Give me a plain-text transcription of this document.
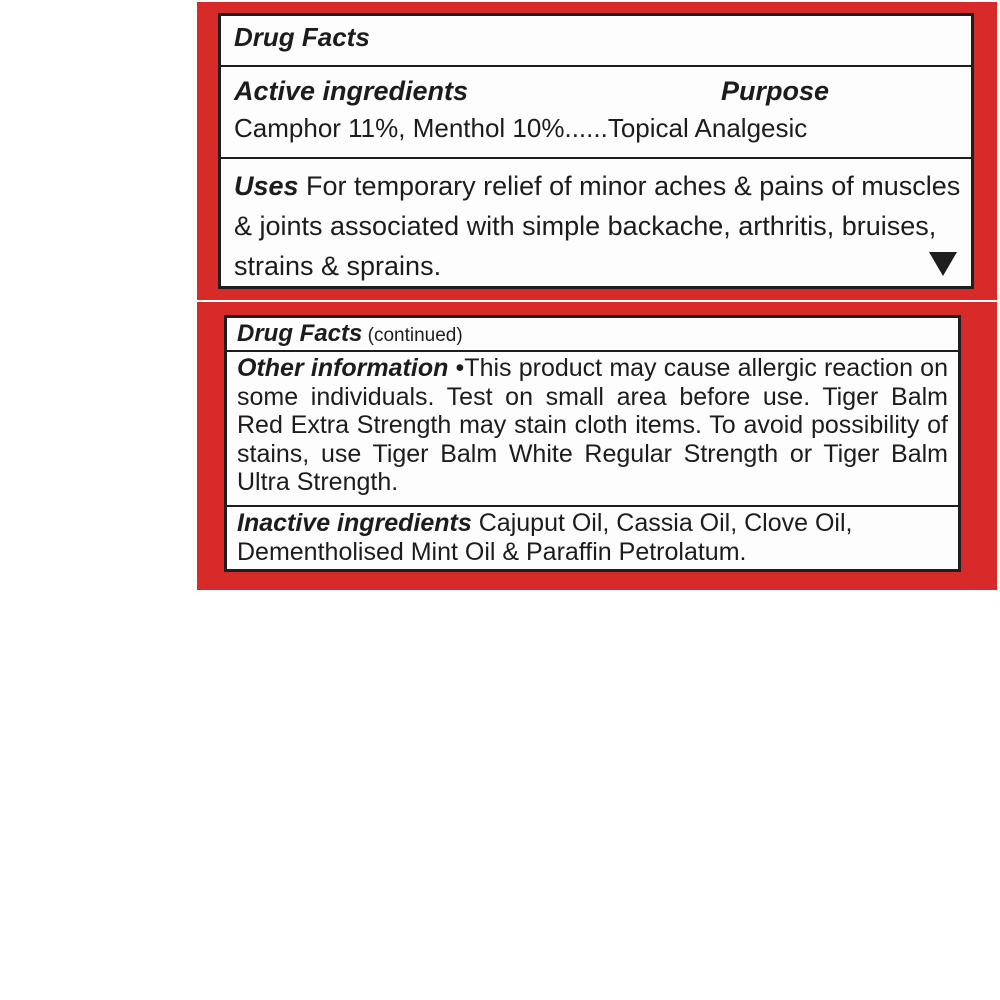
Drug Facts
Active ingredients	Purpose
Camphor 11%, Menthol 10%......Topical Analgesic
Uses For temporary relief of minor aches & pains of muscles & joints associated with simple backache, arthritis, bruises, strains & sprains.
Drug Facts (continued)
Other information •This product may cause allergic reaction on some individuals. Test on small area before use. Tiger Balm Red Extra Strength may stain cloth items. To avoid possibility of stains, use Tiger Balm White Regular Strength or Tiger Balm Ultra Strength.
Inactive ingredients Cajuput Oil, Cassia Oil, Clove Oil, Dementholised Mint Oil & Paraffin Petrolatum.
